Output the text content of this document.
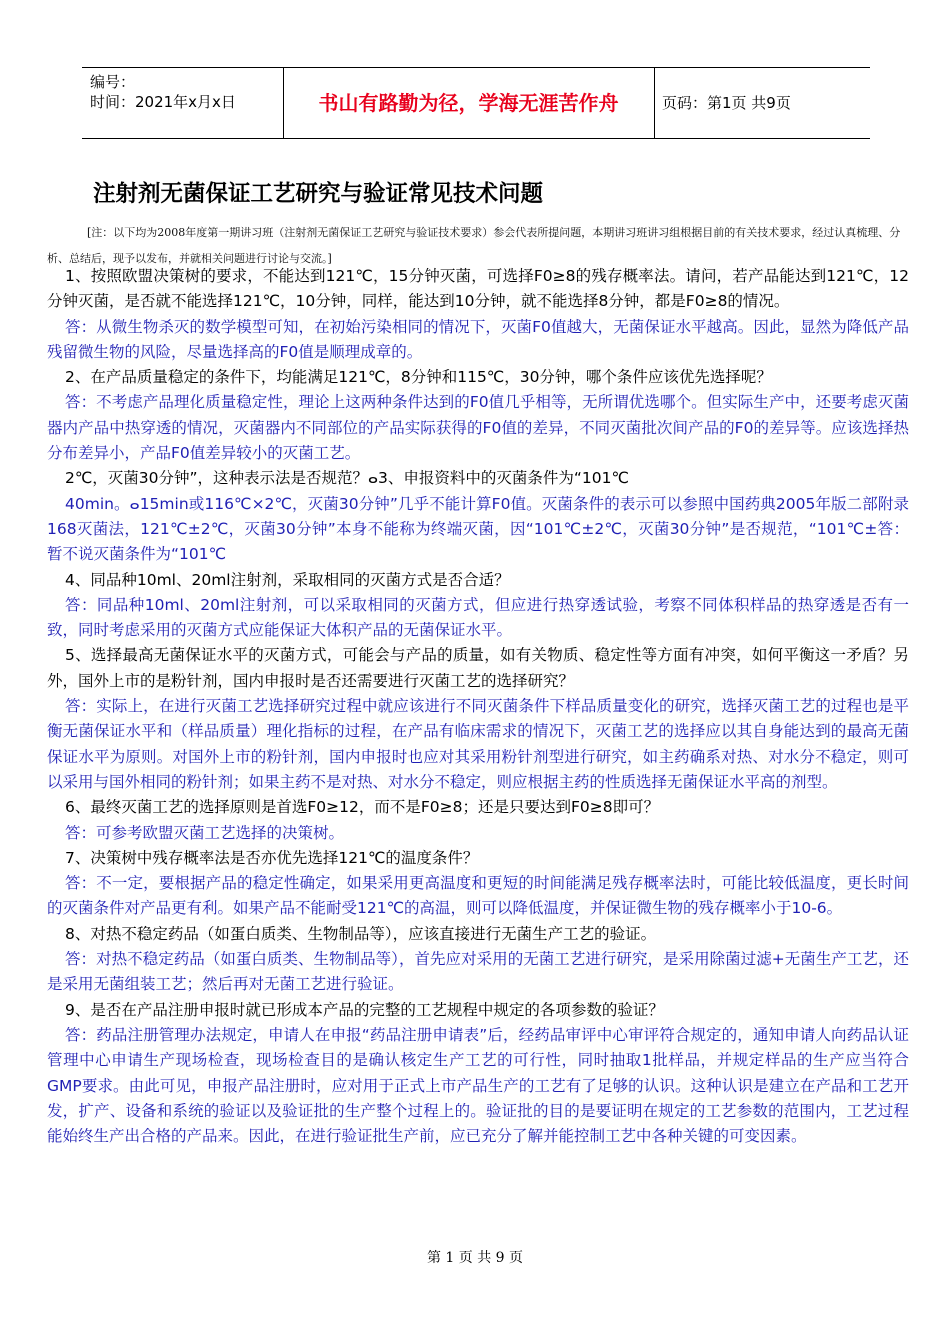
编号：
时间：2021年x月x日	书山有路勤为径，学海无涯苦作舟	页码：第1页 共9页
注射剂无菌保证工艺研究与验证常见技术问题
[注：以下均为2008年度第一期讲习班（注射剂无菌保证工艺研究与验证技术要求）参会代表所提问题，本期讲习班讲习组根据目前的有关技术要求，经过认真梳理、分析、总结后，现予以发布，并就相关问题进行讨论与交流。]

1、按照欧盟决策树的要求，不能达到121℃，15分钟灭菌，可选择F0≥8的残存概率法。请问，若产品能达到121℃，12分钟灭菌，是否就不能选择121℃，10分钟，同样，能达到10分钟，就不能选择8分钟，都是F0≥8的情况。

答：从微生物杀灭的数学模型可知，在初始污染相同的情况下，灭菌F0值越大，无菌保证水平越高。因此，显然为降低产品残留微生物的风险，尽量选择高的F0值是顺理成章的。

2、在产品质量稳定的条件下，均能满足121℃，8分钟和115℃，30分钟，哪个条件应该优先选择呢？

答：不考虑产品理化质量稳定性，理论上这两种条件达到的F0值几乎相等，无所谓优选哪个。但实际生产中，还要考虑灭菌器内产品中热穿透的情况，灭菌器内不同部位的产品实际获得的F0值的差异，不同灭菌批次间产品的F0的差异等。应该选择热分布差异小，产品F0值差异较小的灭菌工艺。

2℃，灭菌30分钟”，这种表示法是否规范？ⴰ3、申报资料中的灭菌条件为“101℃

40min。ⴰ15min或116℃×2℃，灭菌30分钟”几乎不能计算F0值。灭菌条件的表示可以参照中国药典2005年版二部附录168灭菌法，121℃±2℃，灭菌30分钟”本身不能称为终端灭菌，因“101℃±2℃，灭菌30分钟”是否规范，“101℃±答：暂不说灭菌条件为“101℃

4、同品种10ml、20ml注射剂，采取相同的灭菌方式是否合适？

答：同品种10ml、20ml注射剂，可以采取相同的灭菌方式，但应进行热穿透试验，考察不同体积样品的热穿透是否有一致，同时考虑采用的灭菌方式应能保证大体积产品的无菌保证水平。

5、选择最高无菌保证水平的灭菌方式，可能会与产品的质量，如有关物质、稳定性等方面有冲突，如何平衡这一矛盾？另外，国外上市的是粉针剂，国内申报时是否还需要进行灭菌工艺的选择研究？

答：实际上，在进行灭菌工艺选择研究过程中就应该进行不同灭菌条件下样品质量变化的研究，选择灭菌工艺的过程也是平衡无菌保证水平和（样品质量）理化指标的过程，在产品有临床需求的情况下，灭菌工艺的选择应以其自身能达到的最高无菌保证水平为原则。对国外上市的粉针剂，国内申报时也应对其采用粉针剂型进行研究，如主药确系对热、对水分不稳定，则可以采用与国外相同的粉针剂；如果主药不是对热、对水分不稳定，则应根据主药的性质选择无菌保证水平高的剂型。

6、最终灭菌工艺的选择原则是首选F0≥12，而不是F0≥8；还是只要达到F0≥8即可？

答：可参考欧盟灭菌工艺选择的决策树。

7、决策树中残存概率法是否亦优先选择121℃的温度条件？

答：不一定，要根据产品的稳定性确定，如果采用更高温度和更短的时间能满足残存概率法时，可能比较低温度，更长时间的灭菌条件对产品更有利。如果产品不能耐受121℃的高温，则可以降低温度，并保证微生物的残存概率小于10-6。

8、对热不稳定药品（如蛋白质类、生物制品等），应该直接进行无菌生产工艺的验证。

答：对热不稳定药品（如蛋白质类、生物制品等），首先应对采用的无菌工艺进行研究，是采用除菌过滤+无菌生产工艺，还是采用无菌组装工艺；然后再对无菌工艺进行验证。

9、是否在产品注册申报时就已形成本产品的完整的工艺规程中规定的各项参数的验证？

答：药品注册管理办法规定，申请人在申报“药品注册申请表”后，经药品审评中心审评符合规定的，通知申请人向药品认证管理中心申请生产现场检查，现场检查目的是确认核定生产工艺的可行性，同时抽取1批样品，并规定样品的生产应当符合GMP要求。由此可见，申报产品注册时，应对用于正式上市产品生产的工艺有了足够的认识。这种认识是建立在产品和工艺开发，扩产、设备和系统的验证以及验证批的生产整个过程上的。验证批的目的是要证明在规定的工艺参数的范围内，工艺过程能始终生产出合格的产品来。因此，在进行验证批生产前，应已充分了解并能控制工艺中各种关键的可变因素。

第 1 页 共 9 页
